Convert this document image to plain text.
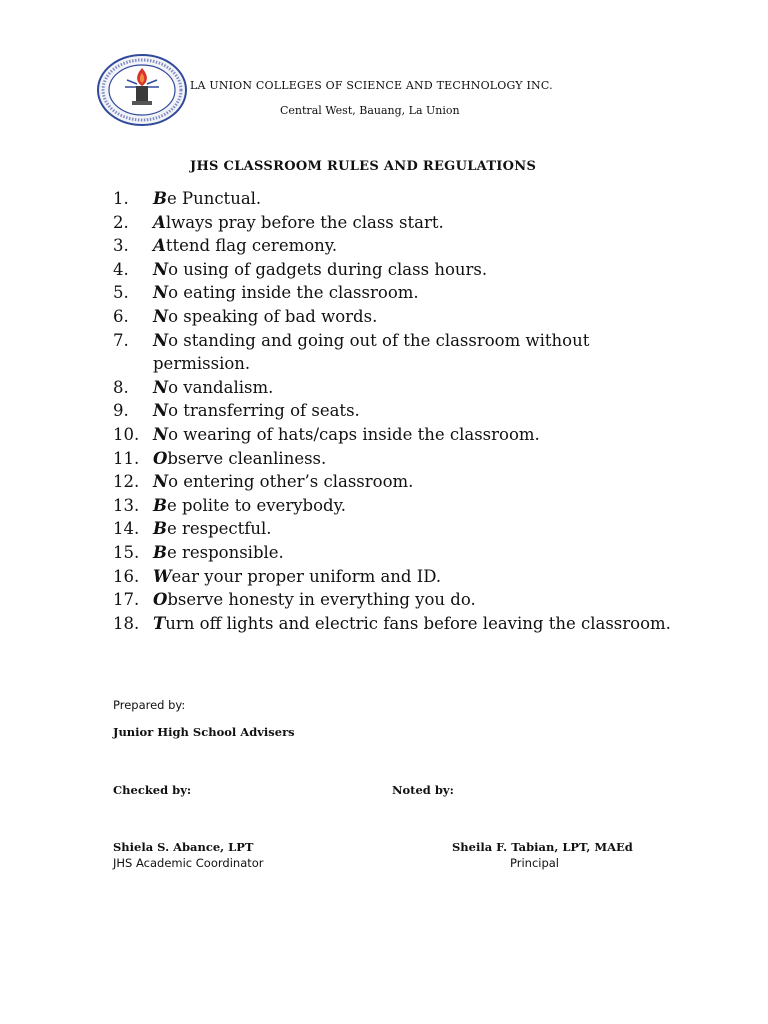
LA UNION COLLEGES OF SCIENCE AND TECHNOLOGY INC.
Central West, Bauang, La Union
JHS CLASSROOM RULES AND REGULATIONS
1.	Be Punctual.
2.	Always pray before the class start.
3.	Attend flag ceremony.
4.	No using of gadgets during class hours.
5.	No eating inside the classroom.
6.	No speaking of bad words.
7.	No standing and going out of the classroom without permission.
8.	No vandalism.
9.	No transferring of seats.
10. No wearing of hats/caps inside the classroom.
11. Observe cleanliness.
12. No entering other’s classroom.
13. Be polite to everybody.
14. Be respectful.
15. Be responsible.
16. Wear your proper uniform and ID.
17. Observe honesty in everything you do.
18. Turn off lights and electric fans before leaving the classroom.
Prepared by:
Junior High School Advisers
Checked by:	Noted by:
Shiela S. Abance, LPT
JHS Academic Coordinator
Sheila F. Tabian, LPT, MAEd
Principal
